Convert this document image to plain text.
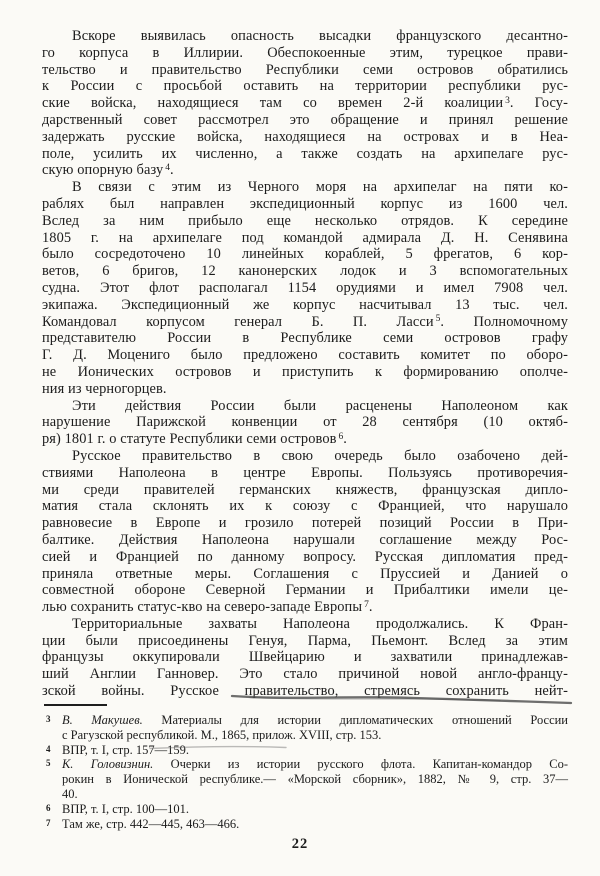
Вскоре выявилась опасность высадки французского десантно-
го корпуса в Иллирии. Обеспокоенные этим, турецкое прави-
тельство и правительство Республики семи островов обратились
к России с просьбой оставить на территории республики рус-
ские войска, находящиеся там со времен 2-й коалиции $^3$. Госу-
дарственный совет рассмотрел это обращение и принял решение
задержать русские войска, находящиеся на островах и в Неа-
поле, усилить их численно, а также создать на архипелаге рус-
скую опорную базу $^4$.
В связи с этим из Черного моря на архипелаг на пяти ко-
раблях был направлен экспедиционный корпус из 1600 чел.
Вслед за ним прибыло еще несколько отрядов. К середине
1805 г. на архипелаге под командой адмирала Д. Н. Сенявина
было сосредоточено 10 линейных кораблей, 5 фрегатов, 6 кор-
ветов, 6 бригов, 12 канонерских лодок и 3 вспомогательных
судна. Этот флот располагал 1154 орудиями и имел 7908 чел.
экипажа. Экспедиционный же корпус насчитывал 13 тыс. чел.
Командовал корпусом генерал Б. П. Ласси $^5$. Полномочному
представителю России в Республике семи островов графу
Г. Д. Моцениго было предложено составить комитет по оборо-
не Ионических островов и приступить к формированию ополче-
ния из черногорцев.
Эти действия России были расценены Наполеоном как
нарушение Парижской конвенции от 28 сентября (10 октяб-
ря) 1801 г. о статуте Республики семи островов $^6$.
Русское правительство в свою очередь было озабочено дей-
ствиями Наполеона в центре Европы. Пользуясь противоречия-
ми среди правителей германских княжеств, французская дипло-
матия стала склонять их к союзу с Францией, что нарушало
равновесие в Европе и грозило потерей позиций России в При-
балтике. Действия Наполеона нарушали соглашение между Рос-
сией и Францией по данному вопросу. Русская дипломатия пред-
приняла ответные меры. Соглашения с Пруссией и Данией о
совместной обороне Северной Германии и Прибалтики имели це-
лью сохранить статус-кво на северо-западе Европы $^7$.
Территориальные захваты Наполеона продолжались. К Фран-
ции были присоединены Генуя, Парма, Пьемонт. Вслед за этим
французы оккупировали Швейцарию и захватили принадлежав-
ший Англии Ганновер. Это стало причиной новой англо-францу-
зской войны. Русское правительство, стремясь сохранить нейт-
3 В. Макушев. Материалы для истории дипломатических отношений России
с Рагузской республикой. М., 1865, прилож. XVIII, стр. 153.
4 ВПР, т. I, стр. 157—159.
5 К. Головизнин. Очерки из истории русского флота. Капитан-командор Со-
рокин в Ионической республике.— «Морской сборник», 1882, № 9, стр. 37—
40.
6 ВПР, т. I, стр. 100—101.
7 Там же, стр. 442—445, 463—466.
22
